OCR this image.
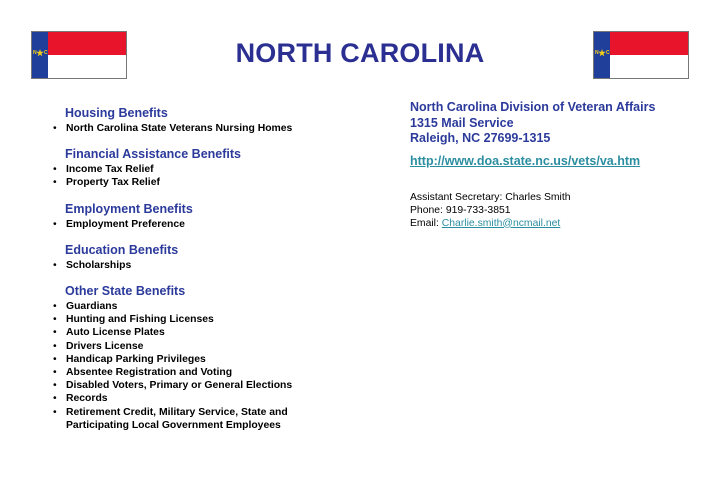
N C	NORTH CAROLINA	N C
Housing Benefits
• North Carolina State Veterans Nursing Homes
Financial Assistance Benefits
• Income Tax Relief
• Property Tax Relief
Employment Benefits
• Employment Preference
Education Benefits
• Scholarships
Other State Benefits
• Guardians
• Hunting and Fishing Licenses
• Auto License Plates
• Drivers License
• Handicap Parking Privileges
• Absentee Registration and Voting
• Disabled Voters, Primary or General Elections
• Records
• Retirement Credit, Military Service, State and Participating Local Government Employees
North Carolina Division of Veteran Affairs
1315 Mail Service
Raleigh, NC 27699-1315
http://www.doa.state.nc.us/vets/va.htm
Assistant Secretary: Charles Smith
Phone: 919-733-3851
Email: Charlie.smith@ncmail.net
